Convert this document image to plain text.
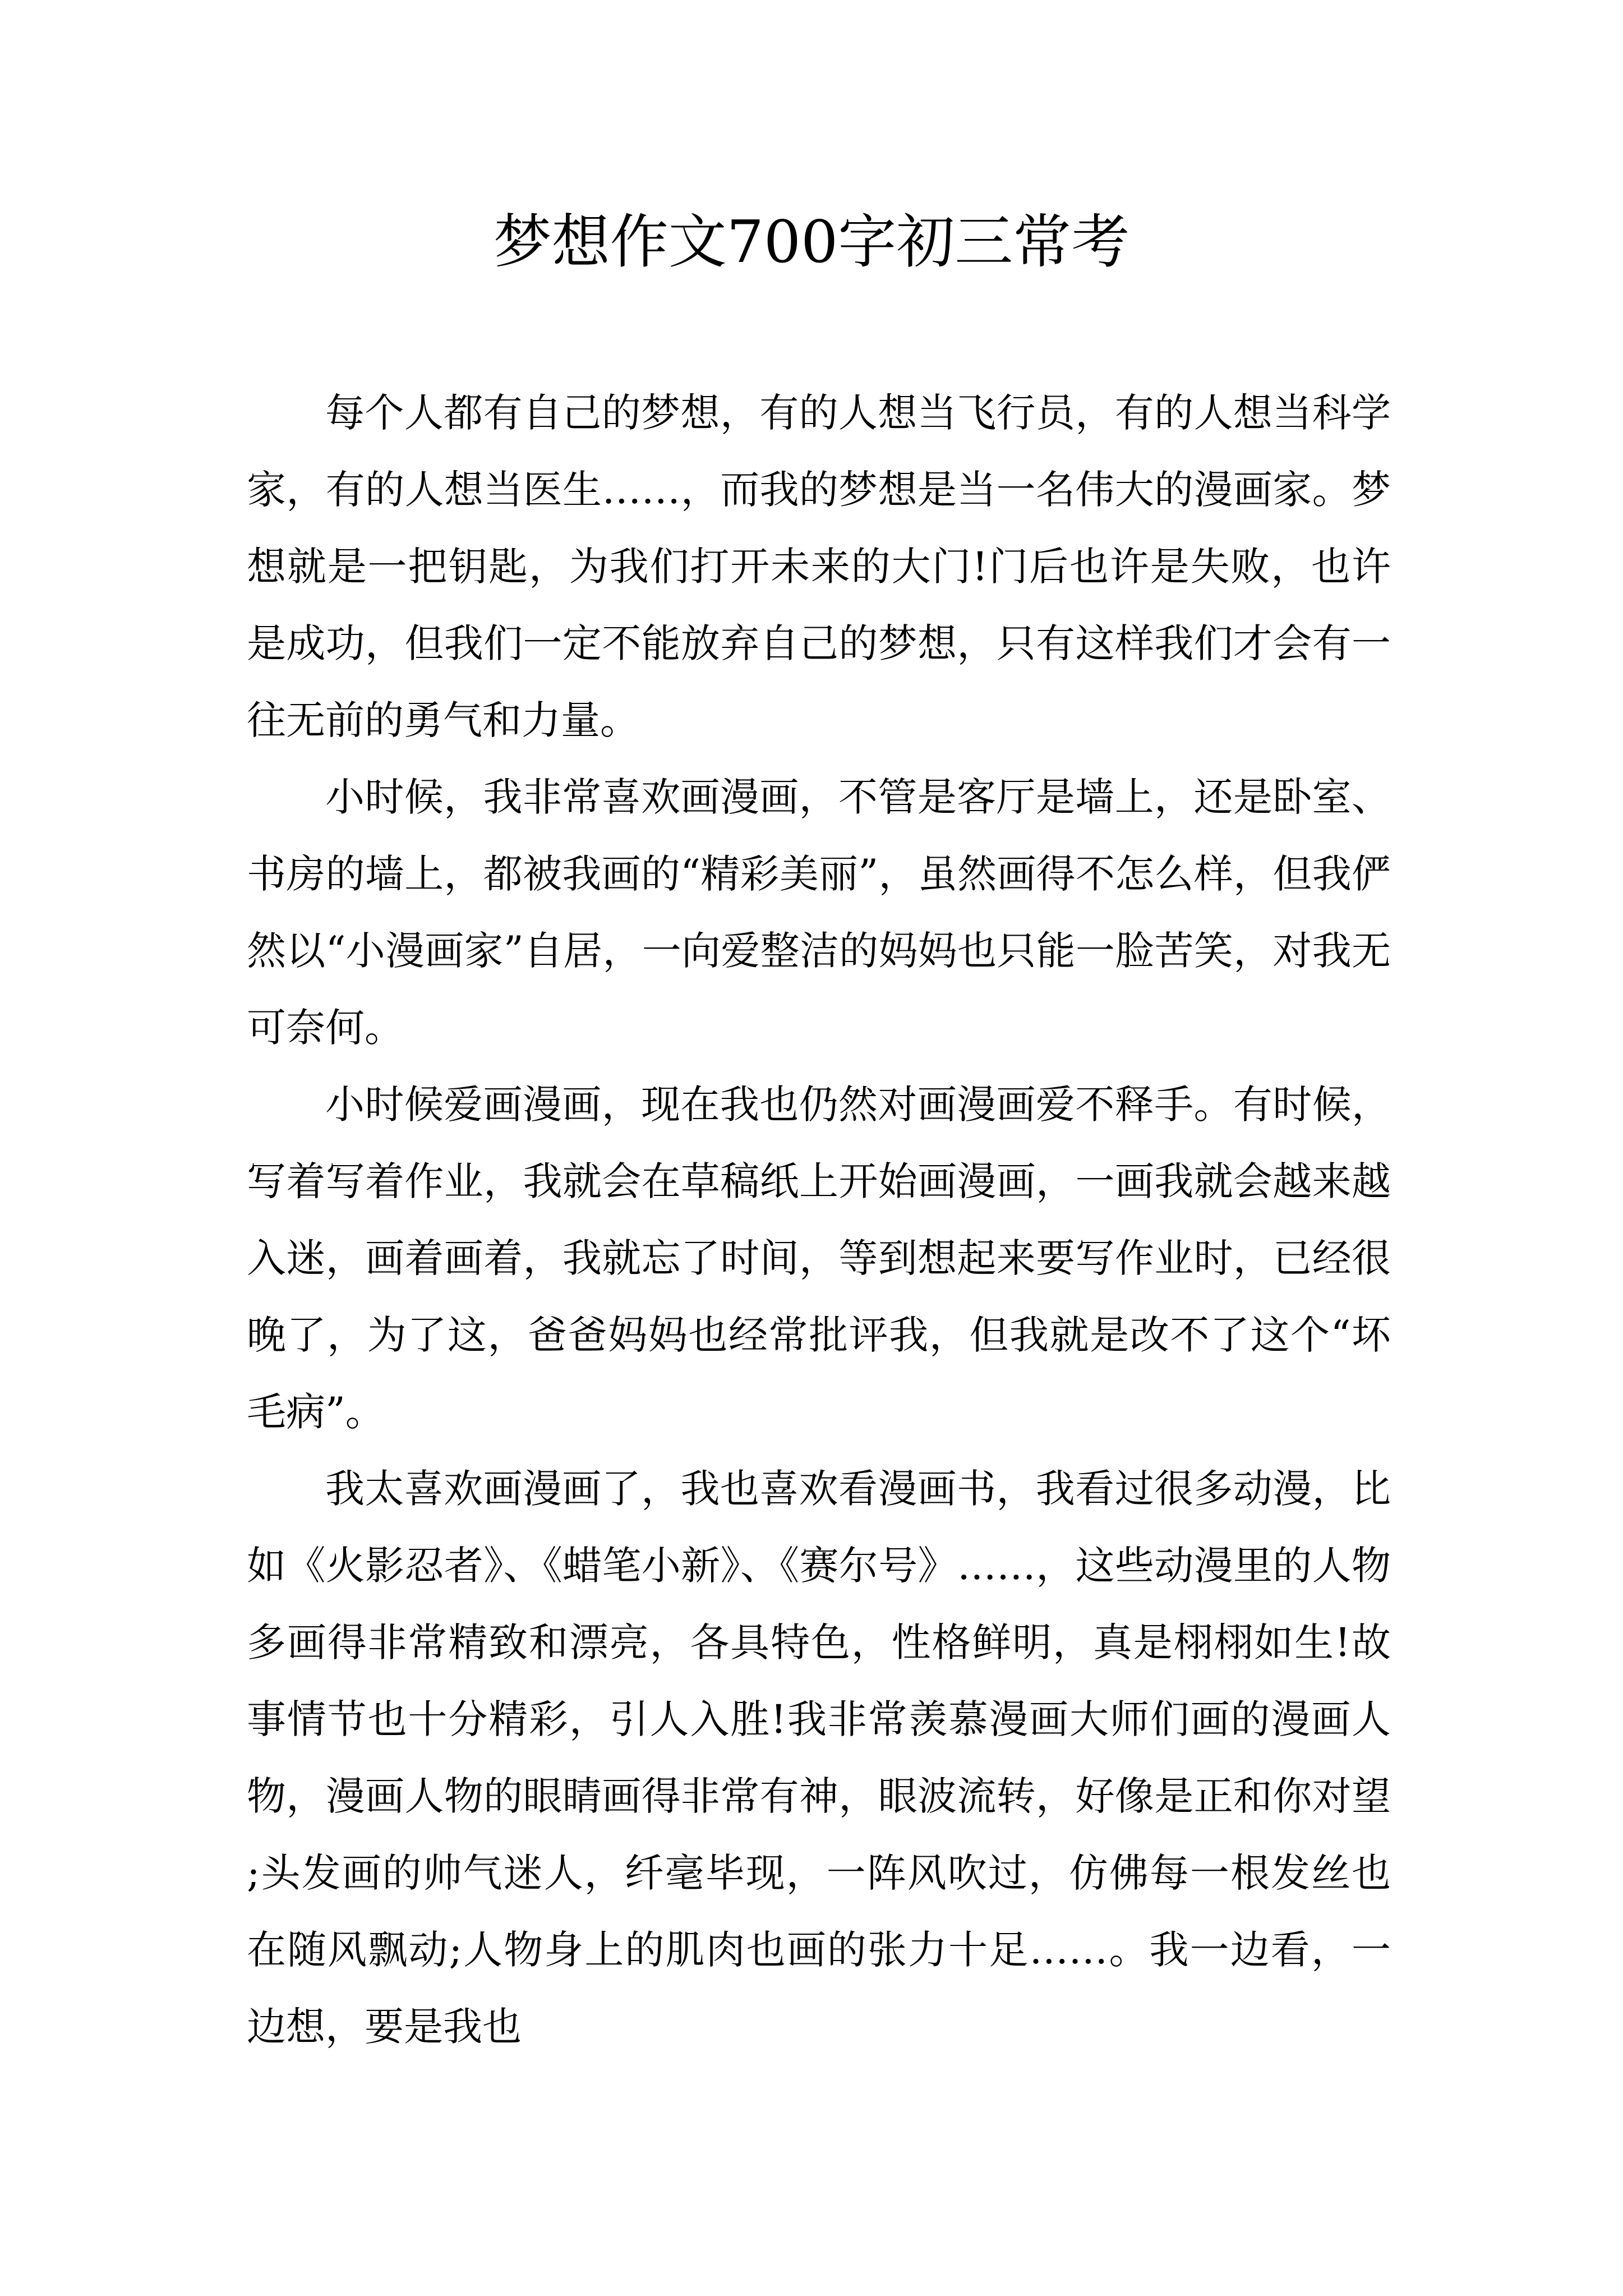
梦想作文700字初三常考

每个人都有自己的梦想，有的人想当飞行员，有的人想当科学家，有的人想当医生……，而我的梦想是当一名伟大的漫画家。梦想就是一把钥匙，为我们打开未来的大门!门后也许是失败，也许是成功，但我们一定不能放弃自己的梦想，只有这样我们才会有一往无前的勇气和力量。

小时候，我非常喜欢画漫画，不管是客厅是墙上，还是卧室、书房的墙上，都被我画的“精彩美丽”，虽然画得不怎么样，但我俨然以“小漫画家”自居，一向爱整洁的妈妈也只能一脸苦笑，对我无可奈何。

小时候爱画漫画，现在我也仍然对画漫画爱不释手。有时候，写着写着作业，我就会在草稿纸上开始画漫画，一画我就会越来越入迷，画着画着，我就忘了时间，等到想起来要写作业时，已经很晚了，为了这，爸爸妈妈也经常批评我，但我就是改不了这个“坏毛病”。

我太喜欢画漫画了，我也喜欢看漫画书，我看过很多动漫，比如《火影忍者》、《蜡笔小新》、《赛尔号》……，这些动漫里的人物多画得非常精致和漂亮，各具特色，性格鲜明，真是栩栩如生!故事情节也十分精彩，引人入胜!我非常羡慕漫画大师们画的漫画人物，漫画人物的眼睛画得非常有神，眼波流转，好像是正和你对望;头发画的帅气迷人，纤毫毕现，一阵风吹过，仿佛每一根发丝也在随风飘动;人物身上的肌肉也画的张力十足……。我一边看，一边想，要是我也
